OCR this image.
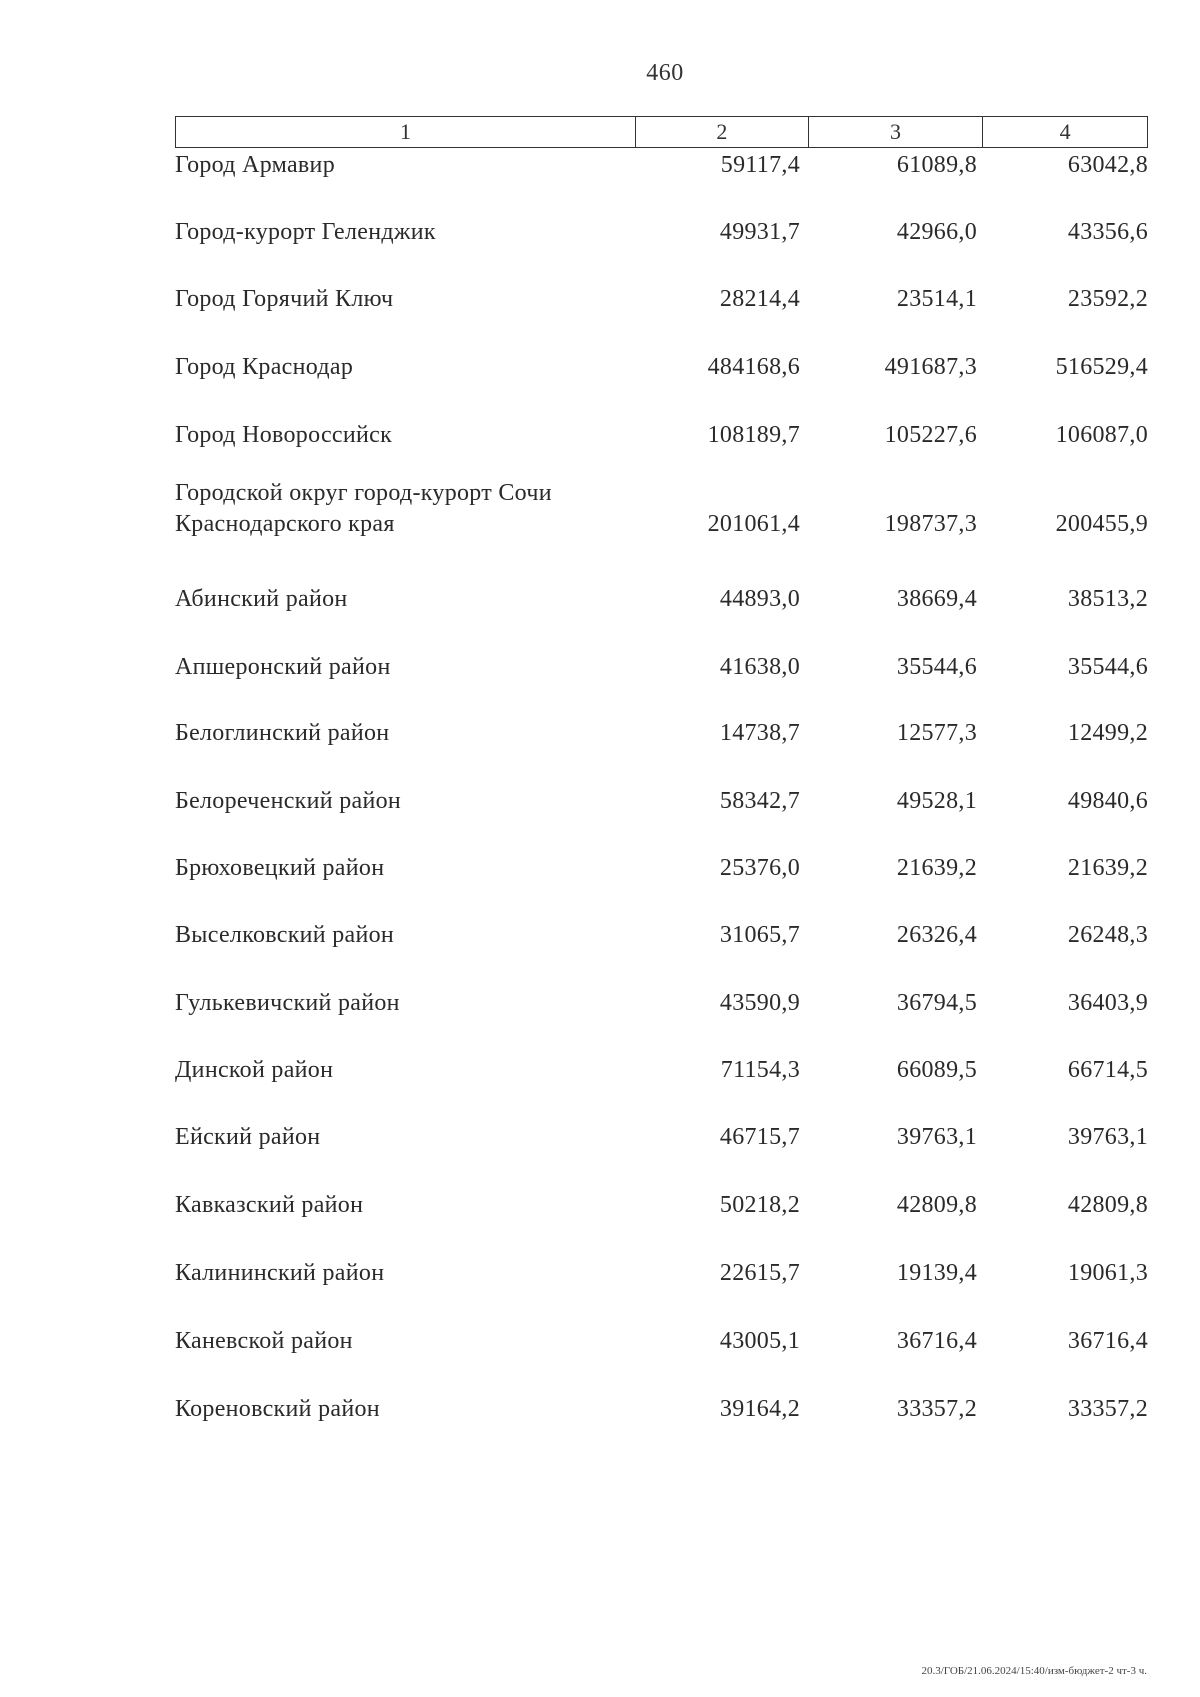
460
1	2	3	4
Город Армавир	59117,4	61089,8	63042,8
Город-курорт Геленджик	49931,7	42966,0	43356,6
Город Горячий Ключ	28214,4	23514,1	23592,2
Город Краснодар	484168,6	491687,3	516529,4
Город Новороссийск	108189,7	105227,6	106087,0
Городской округ город-курорт Сочи Краснодарского края	201061,4	198737,3	200455,9
Абинский район	44893,0	38669,4	38513,2
Апшеронский район	41638,0	35544,6	35544,6
Белоглинский район	14738,7	12577,3	12499,2
Белореченский район	58342,7	49528,1	49840,6
Брюховецкий район	25376,0	21639,2	21639,2
Выселковский район	31065,7	26326,4	26248,3
Гулькевичский район	43590,9	36794,5	36403,9
Динской район	71154,3	66089,5	66714,5
Ейский район	46715,7	39763,1	39763,1
Кавказский район	50218,2	42809,8	42809,8
Калининский район	22615,7	19139,4	19061,3
Каневской район	43005,1	36716,4	36716,4
Кореновский район	39164,2	33357,2	33357,2
20.3/ГОБ/21.06.2024/15:40/изм-бюджет-2 чт-3 ч.
